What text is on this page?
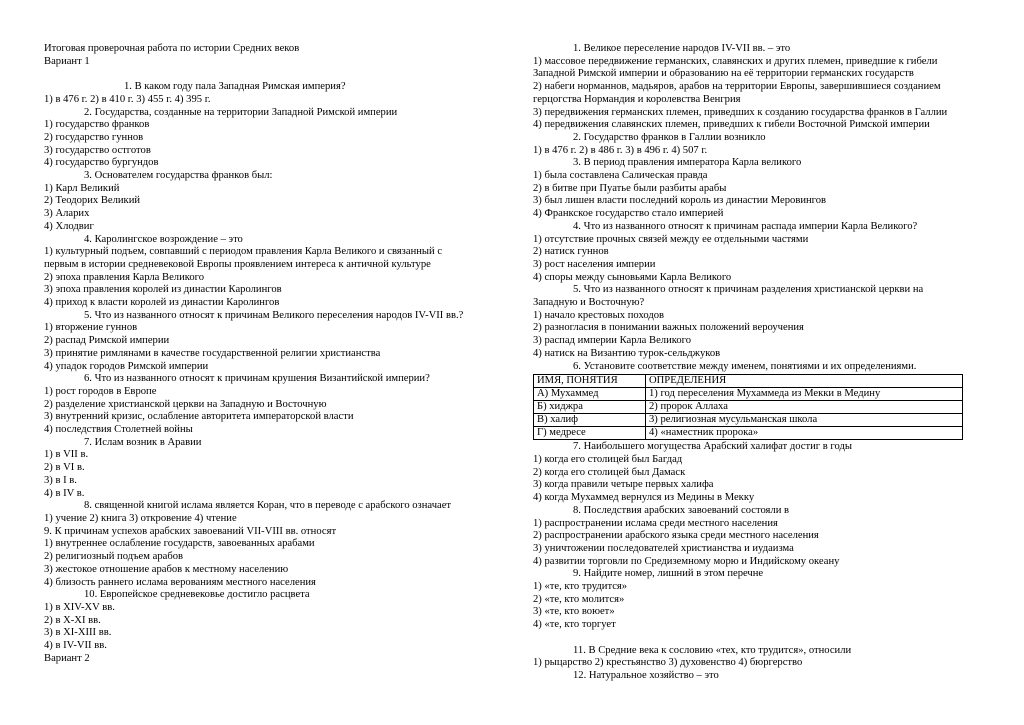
Итоговая проверочная работа по истории Средних веков
Вариант 1
1. В каком году пала Западная Римская империя?
1) в 476 г. 2) в 410 г. 3) 455 г. 4) 395 г.
2. Государства, созданные на территории Западной Римской империи
1) государство франков
2) государство гуннов
3) государство остготов
4) государство бургундов
3. Основателем государства франков был:
1) Карл Великий
2) Теодорих Великий
3) Аларих
4) Хлодвиг
4. Каролингское возрождение – это
1) культурный подъем, совпавший с периодом правления Карла Великого и связанный с
первым в истории средневековой Европы проявлением интереса к античной культуре
2) эпоха правления Карла Великого
3) эпоха правления королей из династии Каролингов
4) приход к власти королей из династии Каролингов
5. Что из названного относят к причинам Великого переселения народов IV-VII вв.?
1) вторжение гуннов
2) распад Римской империи
3) принятие римлянами в качестве государственной религии христианства
4) упадок городов Римской империи
6. Что из названного относят к причинам крушения Византийской империи?
1) рост городов в Европе
2) разделение христианской церкви на Западную и Восточную
3) внутренний кризис, ослабление авторитета императорской власти
4) последствия Столетней войны
7. Ислам возник в Аравии
1) в VII в.
2) в VI в.
3) в I в.
4) в IV в.
8. священной книгой ислама является Коран, что в переводе с арабского означает
1) учение 2) книга 3) откровение 4) чтение
9. К причинам успехов арабских завоеваний VII-VIII вв. относят
1) внутреннее ослабление государств, завоеванных арабами
2) религиозный подъем арабов
3) жестокое отношение арабов к местному населению
4) близость раннего ислама верованиям местного населения
10. Европейское средневековье достигло расцвета
1) в XIV-XV вв.
2) в X-XI вв.
3) в XI-XIII вв.
4) в IV-VII вв.
Вариант 2
1. Великое переселение народов IV-VII вв. – это
1) массовое передвижение германских, славянских и других племен, приведшие к гибели
Западной Римской империи и образованию на её территории германских государств
2) набеги норманнов, мадьяров, арабов на территории Европы, завершившиеся созданием
герцогства Нормандия и королевства Венгрия
3) передвижения германских племен, приведших к созданию государства франков в Галлии
4) передвижения славянских племен, приведших к гибели Восточной Римской империи
2. Государство франков в Галлии возникло
1) в 476 г. 2) в 486 г. 3) в 496 г. 4) 507 г.
3. В период правления императора Карла великого
1) была составлена Салическая правда
2) в битве при Пуатье были разбиты арабы
3) был лишен власти последний король из династии Меровингов
4) Франкское государство стало империей
4. Что из названного относят к причинам распада империи Карла Великого?
1) отсутствие прочных связей между ее отдельными частями
2) натиск гуннов
3) рост населения империи
4) споры между сыновьями Карла Великого
5. Что из названного относят к причинам разделения христианской церкви на
Западную и Восточную?
1) начало крестовых походов
2) разногласия в понимании важных положений вероучения
3) распад империи Карла Великого
4) натиск на Византию турок-сельджуков
6. Установите соответствие между именем, понятиями и их определениями.
ИМЯ, ПОНЯТИЯ	ОПРЕДЕЛЕНИЯ
А) Мухаммед	1) год переселения Мухаммеда из Мекки в Медину
Б) хиджра	2) пророк Аллаха
В) халиф	3) религиозная мусульманская школа
Г) медресе	4) «наместник пророка»
7. Наибольшего могущества Арабский халифат достиг в годы
1) когда его столицей был Багдад
2) когда его столицей был Дамаск
3) когда правили четыре первых халифа
4) когда Мухаммед вернулся из Медины в Мекку
8. Последствия арабских завоеваний состояли в
1) распространении ислама среди местного населения
2) распространении арабского языка среди местного населения
3) уничтожении последователей христианства и иудаизма
4) развитии торговли по Средиземному морю и Индийскому океану
9. Найдите номер, лишний в этом перечне
1) «те, кто трудится»
2) «те, кто молится»
3) «те, кто воюет»
4) «те, кто торгует
11. В Средние века к сословию «тех, кто трудится», относили
1) рыцарство 2) крестьянство 3) духовенство 4) бюргерство
12. Натуральное хозяйство – это
